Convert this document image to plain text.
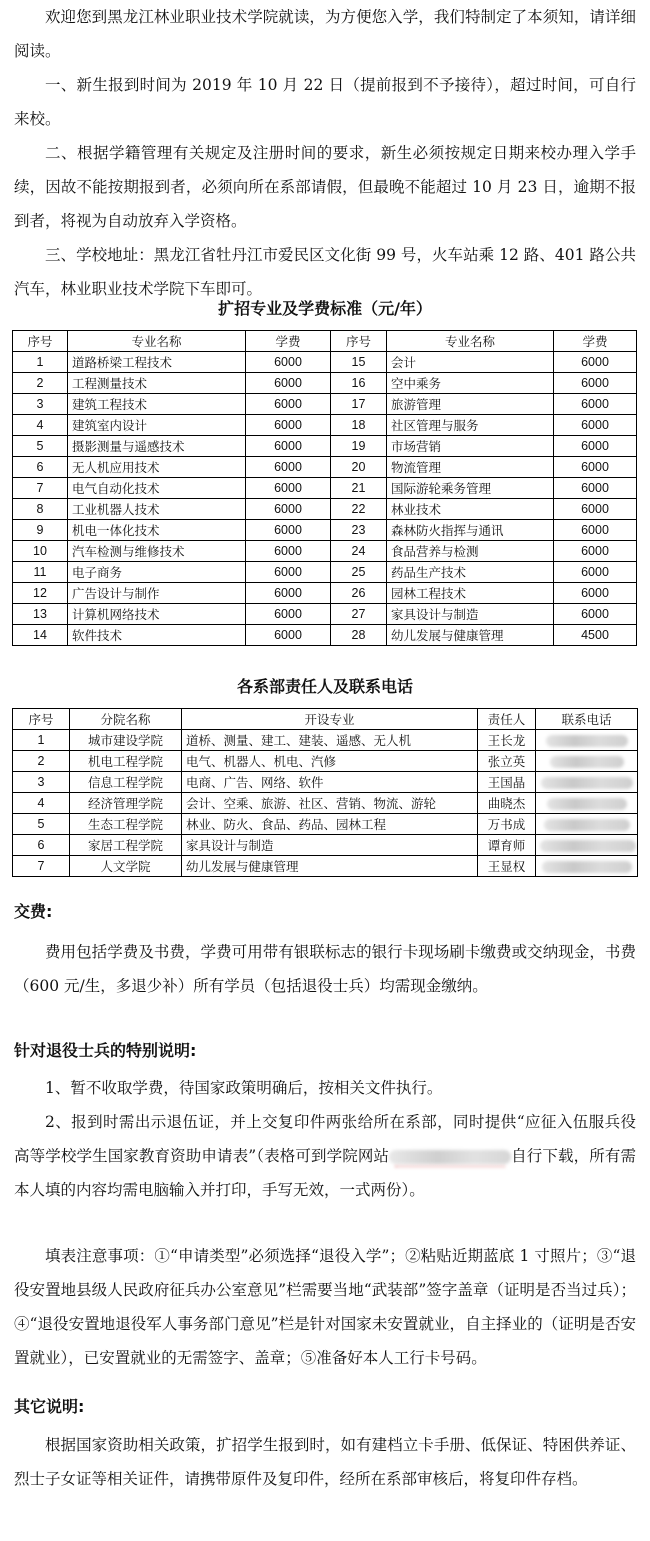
欢迎您到黑龙江林业职业技术学院就读，为方便您入学，我们特制定了本须知，请详细阅读。

一、新生报到时间为 2019 年 10 月 22 日（提前报到不予接待），超过时间，可自行来校。

二、根据学籍管理有关规定及注册时间的要求，新生必须按规定日期来校办理入学手续，因故不能按期报到者，必须向所在系部请假，但最晚不能超过 10 月 23 日，逾期不报到者，将视为自动放弃入学资格。

三、学校地址：黑龙江省牡丹江市爱民区文化街 99 号，火车站乘 12 路、401 路公共汽车，林业职业技术学院下车即可。

扩招专业及学费标准（元/年）
序号	专业名称	学费	序号	专业名称	学费
1	道路桥梁工程技术	6000	15	会计	6000
2	工程测量技术	6000	16	空中乘务	6000
3	建筑工程技术	6000	17	旅游管理	6000
4	建筑室内设计	6000	18	社区管理与服务	6000
5	摄影测量与遥感技术	6000	19	市场营销	6000
6	无人机应用技术	6000	20	物流管理	6000
7	电气自动化技术	6000	21	国际游轮乘务管理	6000
8	工业机器人技术	6000	22	林业技术	6000
9	机电一体化技术	6000	23	森林防火指挥与通讯	6000
10	汽车检测与维修技术	6000	24	食品营养与检测	6000
11	电子商务	6000	25	药品生产技术	6000
12	广告设计与制作	6000	26	园林工程技术	6000
13	计算机网络技术	6000	27	家具设计与制造	6000
14	软件技术	6000	28	幼儿发展与健康管理	4500
各系部责任人及联系电话
序号	分院名称	开设专业	责任人	联系电话
1	城市建设学院	道桥、测量、建工、建装、遥感、无人机	王长龙	
2	机电工程学院	电气、机器人、机电、汽修	张立英	
3	信息工程学院	电商、广告、网络、软件	王国晶	
4	经济管理学院	会计、空乘、旅游、社区、营销、物流、游轮	曲晓杰	
5	生态工程学院	林业、防火、食品、药品、园林工程	万书成	
6	家居工程学院	家具设计与制造	谭育师	
7	人文学院	幼儿发展与健康管理	王显权	
交费:

费用包括学费及书费，学费可用带有银联标志的银行卡现场刷卡缴费或交纳现金，书费（600 元/生，多退少补）所有学员（包括退役士兵）均需现金缴纳。

针对退役士兵的特别说明:

1、暂不收取学费，待国家政策明确后，按相关文件执行。

2、报到时需出示退伍证，并上交复印件两张给所在系部，同时提供“应征入伍服兵役高等学校学生国家教育资助申请表”（表格可到学院网站	自行下载，所有需本人填的内容均需电脑输入并打印，手写无效，一式两份）。

填表注意事项：①“申请类型”必须选择“退役入学”；②粘贴近期蓝底 1 寸照片；③“退役安置地县级人民政府征兵办公室意见”栏需要当地“武装部”签字盖章（证明是否当过兵）；④“退役安置地退役军人事务部门意见”栏是针对国家未安置就业，自主择业的（证明是否安置就业），已安置就业的无需签字、盖章；⑤准备好本人工行卡号码。

其它说明:

根据国家资助相关政策，扩招学生报到时，如有建档立卡手册、低保证、特困供养证、烈士子女证等相关证件，请携带原件及复印件，经所在系部审核后，将复印件存档。
